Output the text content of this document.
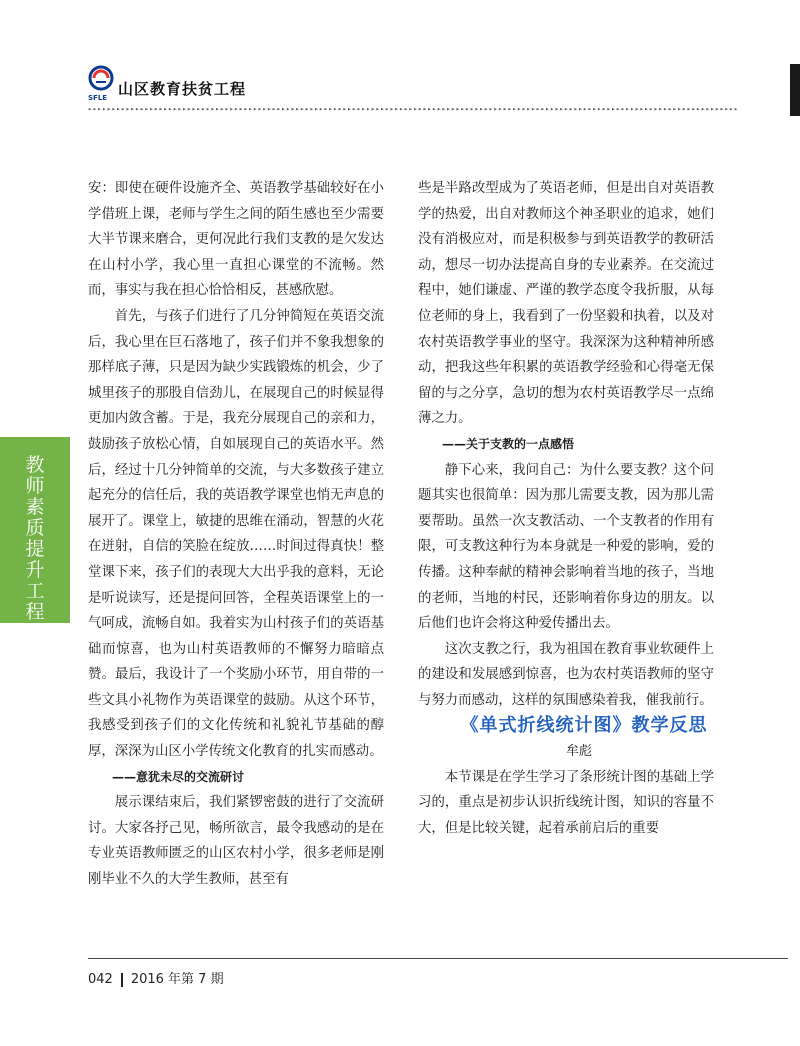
SFLE 山区教育扶贫工程
▸▸▸▸▸▸▸▸▸▸▸▸▸▸▸▸▸▸▸▸▸▸▸▸▸▸▸▸▸▸▸▸▸▸▸▸▸▸▸▸▸▸▸▸▸▸▸▸▸▸▸▸▸▸▸▸▸▸▸▸▸▸▸▸▸▸▸▸▸▸▸▸▸▸▸▸▸▸▸▸▸▸▸▸▸▸▸▸▸▸▸▸▸▸▸▸▸▸▸▸▸▸▸▸▸▸▸▸▸▸▸▸▸▸▸▸▸▸▸▸▸▸▸▸▸▸▸▸▸▸▸▸▸▸▸▸▸▸
教师素质提升工程

安：即使在硬件设施齐全、英语教学基础较好在小学借班上课，老师与学生之间的陌生感也至少需要大半节课来磨合，更何况此行我们支教的是欠发达在山村小学，我心里一直担心课堂的不流畅。然而，事实与我在担心恰恰相反，甚感欣慰。

首先，与孩子们进行了几分钟简短在英语交流后，我心里在巨石落地了，孩子们并不象我想象的那样底子薄，只是因为缺少实践锻炼的机会，少了城里孩子的那股自信劲儿，在展现自己的时候显得更加内敛含蓄。于是，我充分展现自己的亲和力，鼓励孩子放松心情，自如展现自己的英语水平。然后，经过十几分钟简单的交流，与大多数孩子建立起充分的信任后，我的英语教学课堂也悄无声息的展开了。课堂上，敏捷的思维在涌动，智慧的火花在迸射，自信的笑脸在绽放……时间过得真快！整堂课下来，孩子们的表现大大出乎我的意料，无论是听说读写，还是提问回答，全程英语课堂上的一气呵成，流畅自如。我着实为山村孩子们的英语基础而惊喜，也为山村英语教师的不懈努力暗暗点赞。最后，我设计了一个奖励小环节，用自带的一些文具小礼物作为英语课堂的鼓励。从这个环节，我感受到孩子们的文化传统和礼貌礼节基础的醇厚，深深为山区小学传统文化教育的扎实而感动。

——意犹未尽的交流研讨

展示课结束后，我们紧锣密鼓的进行了交流研讨。大家各抒己见，畅所欲言，最令我感动的是在专业英语教师匮乏的山区农村小学，很多老师是刚刚毕业不久的大学生教师，甚至有

些是半路改型成为了英语老师，但是出自对英语教学的热爱，出自对教师这个神圣职业的追求，她们没有消极应对，而是积极参与到英语教学的教研活动，想尽一切办法提高自身的专业素养。在交流过程中，她们谦虚、严谨的教学态度令我折服，从每位老师的身上，我看到了一份坚毅和执着，以及对农村英语教学事业的坚守。我深深为这种精神所感动，把我这些年积累的英语教学经验和心得毫无保留的与之分享，急切的想为农村英语教学尽一点绵薄之力。

——关于支教的一点感悟

静下心来，我问自己：为什么要支教？这个问题其实也很简单：因为那儿需要支教，因为那儿需要帮助。虽然一次支教活动、一个支教者的作用有限，可支教这种行为本身就是一种爱的影响，爱的传播。这种奉献的精神会影响着当地的孩子，当地的老师，当地的村民，还影响着你身边的朋友。以后他们也许会将这种爱传播出去。

这次支教之行，我为祖国在教育事业软硬件上的建设和发展感到惊喜，也为农村英语教师的坚守与努力而感动，这样的氛围感染着我，催我前行。

《单式折线统计图》教学反思

牟彪

本节课是在学生学习了条形统计图的基础上学习的，重点是初步认识折线统计图，知识的容量不大，但是比较关键，起着承前启后的重要

042 2016 年第 7 期
